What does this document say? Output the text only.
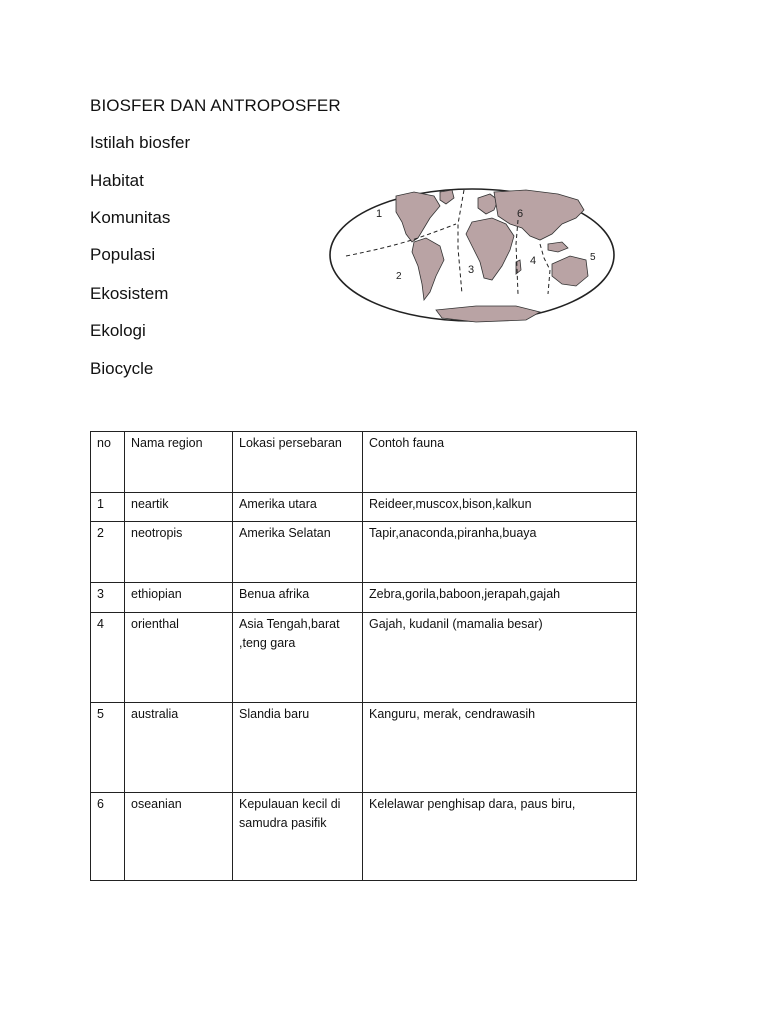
BIOSFER DAN ANTROPOSFER

Istilah biosfer

Habitat

Komunitas

Populasi

Ekosistem

Ekologi

Biocycle

1
2
3
4	5
6
no	Nama region	Lokasi persebaran	Contoh fauna
1	neartik	Amerika utara	Reideer,muscox,bison,kalkun
2	neotropis	Amerika Selatan	Tapir,anaconda,piranha,buaya
3	ethiopian	Benua afrika	Zebra,gorila,baboon,jerapah,gajah
4	orienthal	Asia Tengah,barat ,teng gara	Gajah, kudanil (mamalia besar)
5	australia	Slandia baru	Kanguru, merak, cendrawasih
6	oseanian	Kepulauan kecil di samudra pasifik	Kelelawar penghisap dara, paus biru,
